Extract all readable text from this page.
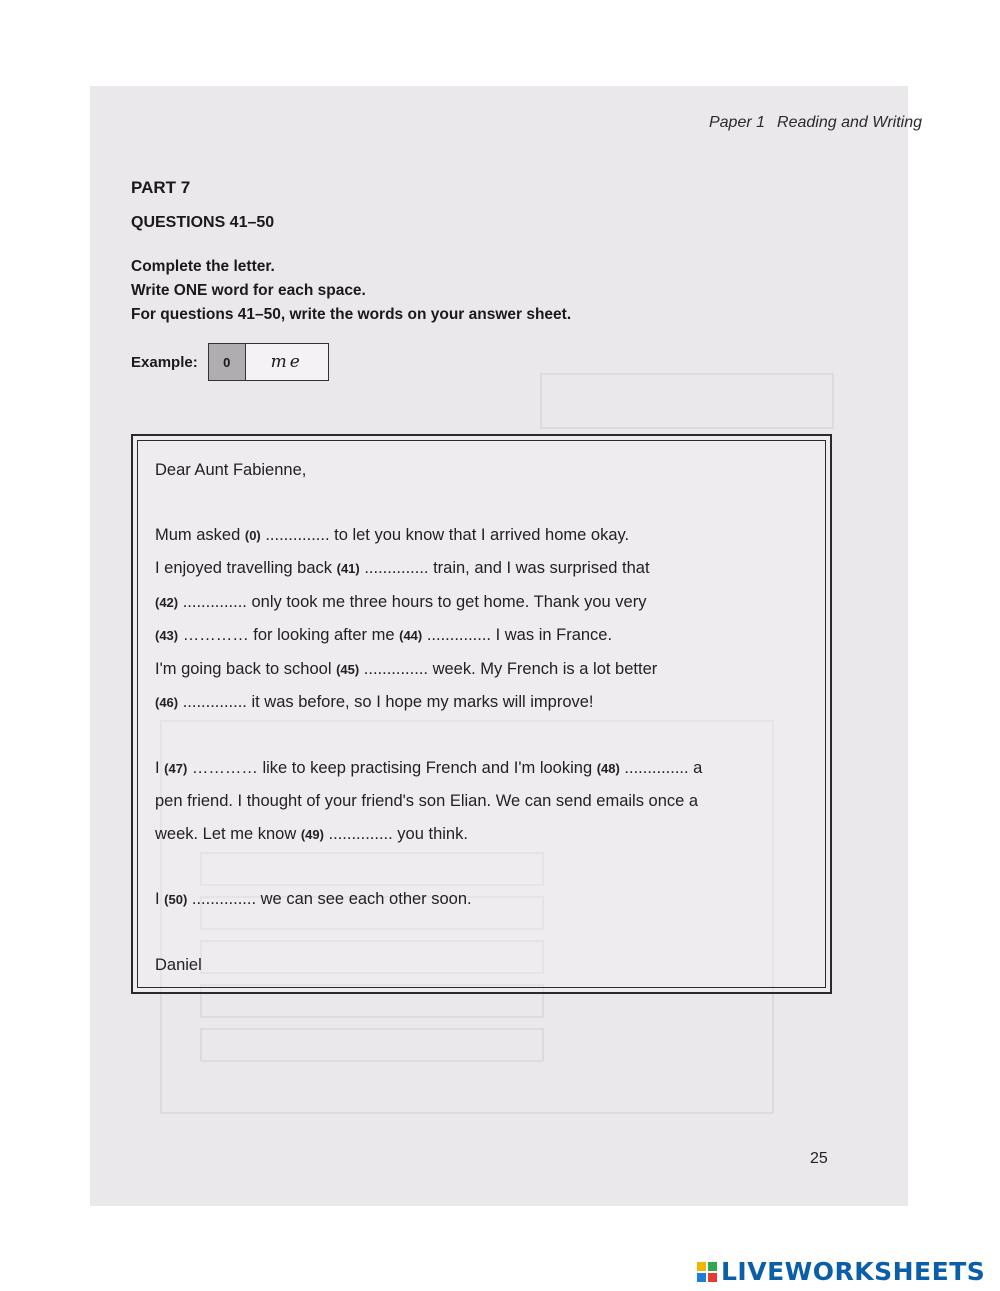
Paper 1 Reading and Writing
PART 7
QUESTIONS 41–50
Complete the letter.
Write ONE word for each space.
For questions 41–50, write the words on your answer sheet.
Example:	0	me

Dear Aunt Fabienne,

Mum asked (0) .............. to let you know that I arrived home okay.

I enjoyed travelling back (41) .............. train, and I was surprised that

(42) .............. only took me three hours to get home. Thank you very

(43) ………… for looking after me (44) .............. I was in France.

I'm going back to school (45) .............. week. My French is a lot better

(46) .............. it was before, so I hope my marks will improve!

I (47) ………… like to keep practising French and I'm looking (48) .............. a

pen friend. I thought of your friend's son Elian. We can send emails once a

week. Let me know (49) .............. you think.

I (50) .............. we can see each other soon.

Daniel

25
LIVEWORKSHEETS
